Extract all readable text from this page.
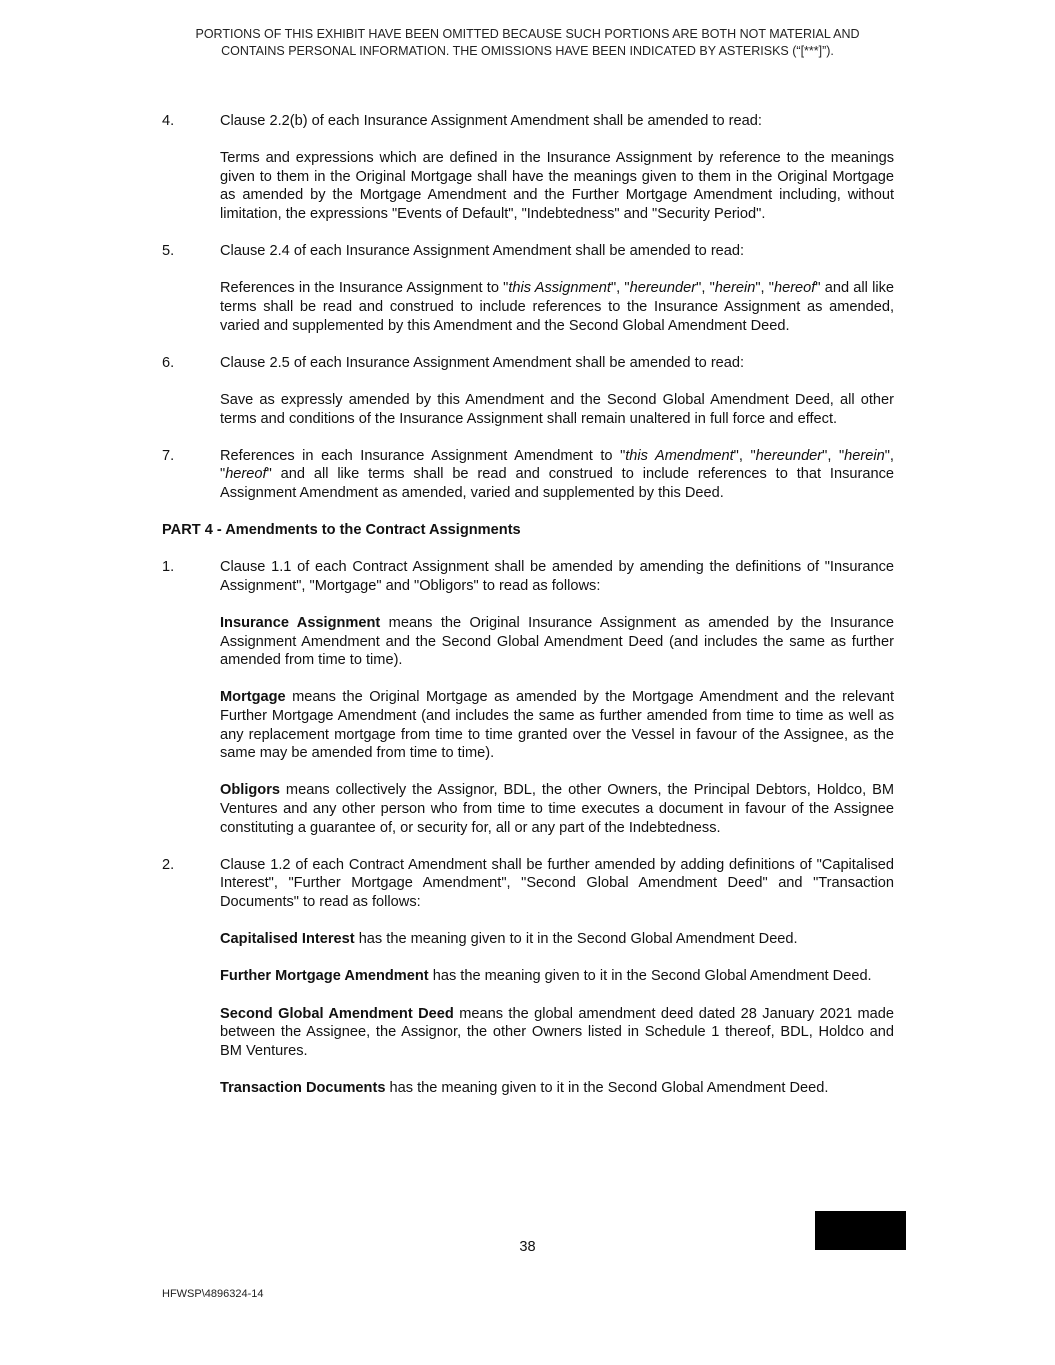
PORTIONS OF THIS EXHIBIT HAVE BEEN OMITTED BECAUSE SUCH PORTIONS ARE BOTH NOT MATERIAL AND
CONTAINS PERSONAL INFORMATION. THE OMISSIONS HAVE BEEN INDICATED BY ASTERISKS (“[***]”).
4.	Clause 2.2(b) of each Insurance Assignment Amendment shall be amended to read:

Terms and expressions which are defined in the Insurance Assignment by reference to the meanings given to them in the Original Mortgage shall have the meanings given to them in the Original Mortgage as amended by the Mortgage Amendment and the Further Mortgage Amendment including, without limitation, the expressions "Events of Default", "Indebtedness" and "Security Period".

5.	Clause 2.4 of each Insurance Assignment Amendment shall be amended to read:

References in the Insurance Assignment to "this Assignment", "hereunder", "herein", "hereof" and all like terms shall be read and construed to include references to the Insurance Assignment as amended, varied and supplemented by this Amendment and the Second Global Amendment Deed.

6.	Clause 2.5 of each Insurance Assignment Amendment shall be amended to read:

Save as expressly amended by this Amendment and the Second Global Amendment Deed, all other terms and conditions of the Insurance Assignment shall remain unaltered in full force and effect.

7.	References in each Insurance Assignment Amendment to "this Amendment", "hereunder", "herein", "hereof" and all like terms shall be read and construed to include references to that Insurance Assignment Amendment as amended, varied and supplemented by this Deed.

PART 4 - Amendments to the Contract Assignments

1.	Clause 1.1 of each Contract Assignment shall be amended by amending the definitions of "Insurance Assignment", "Mortgage" and "Obligors" to read as follows:

Insurance Assignment means the Original Insurance Assignment as amended by the Insurance Assignment Amendment and the Second Global Amendment Deed (and includes the same as further amended from time to time).

Mortgage means the Original Mortgage as amended by the Mortgage Amendment and the relevant Further Mortgage Amendment (and includes the same as further amended from time to time as well as any replacement mortgage from time to time granted over the Vessel in favour of the Assignee, as the same may be amended from time to time).

Obligors means collectively the Assignor, BDL, the other Owners, the Principal Debtors, Holdco, BM Ventures and any other person who from time to time executes a document in favour of the Assignee constituting a guarantee of, or security for, all or any part of the Indebtedness.

2.	Clause 1.2 of each Contract Amendment shall be further amended by adding definitions of "Capitalised Interest", "Further Mortgage Amendment", "Second Global Amendment Deed" and "Transaction Documents" to read as follows:

Capitalised Interest has the meaning given to it in the Second Global Amendment Deed.

Further Mortgage Amendment has the meaning given to it in the Second Global Amendment Deed.

Second Global Amendment Deed means the global amendment deed dated 28 January 2021 made between the Assignee, the Assignor, the other Owners listed in Schedule 1 thereof, BDL, Holdco and BM Ventures.

Transaction Documents has the meaning given to it in the Second Global Amendment Deed.

38
HFWSP\4896324-14
